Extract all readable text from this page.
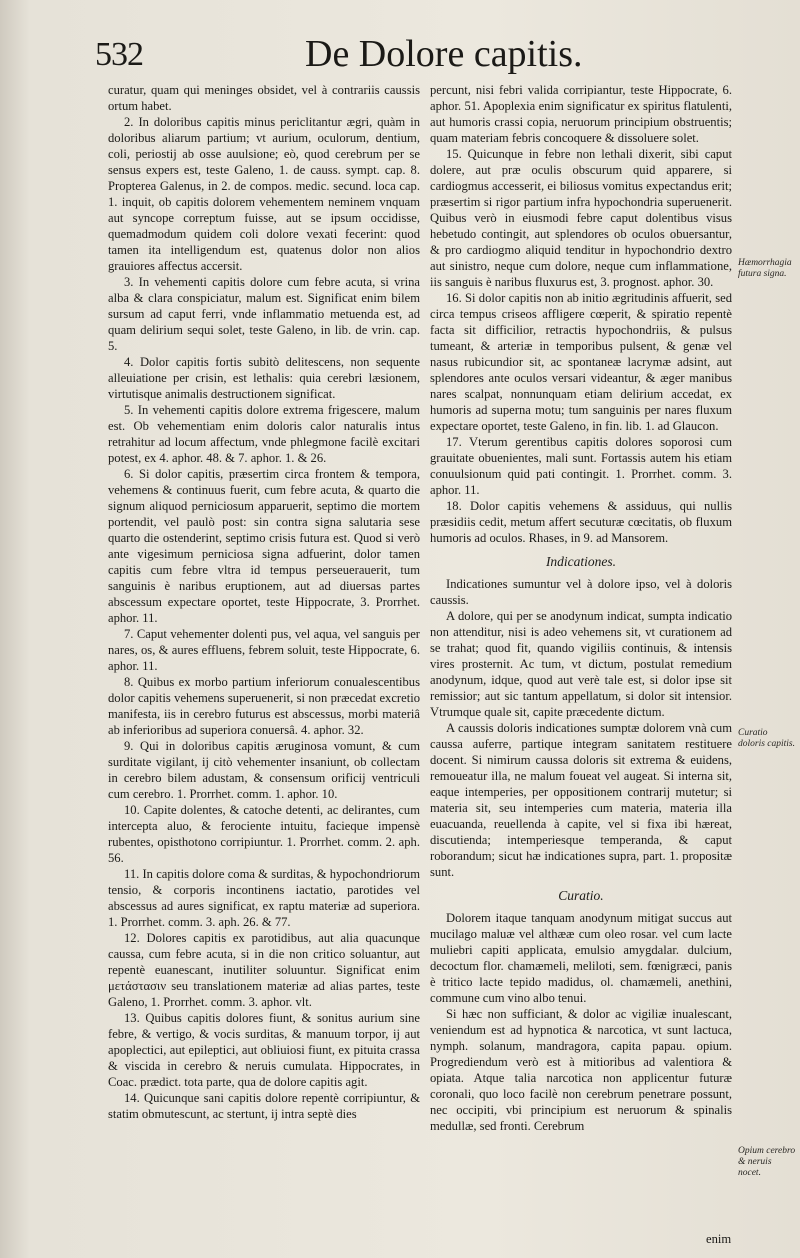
532	De Dolore capitis.

curatur, quam qui meninges obsidet, vel à contrariis caussis ortum habet.

2. In doloribus capitis minus periclitantur ægri, quàm in doloribus aliarum partium; vt aurium, oculorum, dentium, coli, periostij ab osse auulsione; eò, quod cerebrum per se sensus expers est, teste Galeno, 1. de causs. sympt. cap. 8. Propterea Galenus, in 2. de compos. medic. secund. loca cap. 1. inquit, ob capitis dolorem vehementem neminem vnquam aut syncope correptum fuisse, aut se ipsum occidisse, quemadmodum quidem coli dolore vexati fecerint: quod tamen ita intelligendum est, quatenus dolor non alios grauiores affectus accersit.

3. In vehementi capitis dolore cum febre acuta, si vrina alba & clara conspiciatur, malum est. Significat enim bilem sursum ad caput ferri, vnde inflammatio metuenda est, ad quam delirium sequi solet, teste Galeno, in lib. de vrin. cap. 5.

4. Dolor capitis fortis subitò delitescens, non sequente alleuiatione per crisin, est lethalis: quia cerebri læsionem, virtutisque animalis destructionem significat.

5. In vehementi capitis dolore extrema frigescere, malum est. Ob vehementiam enim doloris calor naturalis intus retrahitur ad locum affectum, vnde phlegmone facilè excitari potest, ex 4. aphor. 48. & 7. aphor. 1. & 26.

6. Si dolor capitis, præsertim circa frontem & tempora, vehemens & continuus fuerit, cum febre acuta, & quarto die signum aliquod perniciosum apparuerit, septimo die mortem portendit, vel paulò post: sin contra signa salutaria sese quarto die ostenderint, septimo crisis futura est. Quod si verò ante vigesimum perniciosa signa adfuerint, dolor tamen capitis cum febre vltra id tempus perseuerauerit, tum sanguinis è naribus eruptionem, aut ad diuersas partes abscessum expectare oportet, teste Hippocrate, 3. Prorrhet. aphor. 11.

7. Caput vehementer dolenti pus, vel aqua, vel sanguis per nares, os, & aures effluens, febrem soluit, teste Hippocrate, 6. aphor. 11.

8. Quibus ex morbo partium inferiorum conualescentibus dolor capitis vehemens superuenerit, si non præcedat excretio manifesta, iis in cerebro futurus est abscessus, morbi materiâ ab inferioribus ad superiora conuersâ. 4. aphor. 32.

9. Qui in doloribus capitis æruginosa vomunt, & cum surditate vigilant, ij citò vehementer insaniunt, ob collectam in cerebro bilem adustam, & consensum orificij ventriculi cum cerebro. 1. Prorrhet. comm. 1. aphor. 10.

10. Capite dolentes, & catoche detenti, ac delirantes, cum intercepta aluo, & ferociente intuitu, facieque impensè rubentes, opisthotono corripiuntur. 1. Prorrhet. comm. 2. aph. 56.

11. In capitis dolore coma & surditas, & hypochondriorum tensio, & corporis incontinens iactatio, parotides vel abscessus ad aures significat, ex raptu materiæ ad superiora. 1. Prorrhet. comm. 3. aph. 26. & 77.

12. Dolores capitis ex parotidibus, aut alia quacunque caussa, cum febre acuta, si in die non critico soluantur, aut repentè euanescant, inutiliter soluuntur. Significat enim μετάστασιν seu translationem materiæ ad alias partes, teste Galeno, 1. Prorrhet. comm. 3. aphor. vlt.

13. Quibus capitis dolores fiunt, & sonitus aurium sine febre, & vertigo, & vocis surditas, & manuum torpor, ij aut apoplectici, aut epileptici, aut obliuiosi fiunt, ex pituita crassa & viscida in cerebro & neruis cumulata. Hippocrates, in Coac. prædict. tota parte, qua de dolore capitis agit.

14. Quicunque sani capitis dolore repentè corripiuntur, & statim obmutescunt, ac stertunt, ij intra septè dies

percunt, nisi febri valida corripiantur, teste Hippocrate, 6. aphor. 51. Apoplexia enim significatur ex spiritus flatulenti, aut humoris crassi copia, neruorum principium obstruentis; quam materiam febris concoquere & dissoluere solet.

15. Quicunque in febre non lethali dixerit, sibi caput dolere, aut præ oculis obscurum quid apparere, si cardiogmus accesserit, ei biliosus vomitus expectandus erit; præsertim si rigor partium infra hypochondria superuenerit. Quibus verò in eiusmodi febre caput dolentibus visus hebetudo contingit, aut splendores ob oculos obuersantur, & pro cardiogmo aliquid tenditur in hypochondrio dextro aut sinistro, neque cum dolore, neque cum inflammatione, iis sanguis è naribus fluxurus est, 3. prognost. aphor. 30.

16. Si dolor capitis non ab initio ægritudinis affuerit, sed circa tempus criseos affligere cœperit, & spiratio repentè facta sit difficilior, retractis hypochondriis, & pulsus tumeant, & arteriæ in temporibus pulsent, & genæ vel nasus rubicundior sit, ac spontaneæ lacrymæ adsint, aut splendores ante oculos versari videantur, & æger manibus nares scalpat, nonnunquam etiam delirium accedat, ex humoris ad superna motu; tum sanguinis per nares fluxum expectare oportet, teste Galeno, in fin. lib. 1. ad Glaucon.

17. Vterum gerentibus capitis dolores soporosi cum grauitate obuenientes, mali sunt. Fortassis autem his etiam conuulsionum quid pati contingit. 1. Prorrhet. comm. 3. aphor. 11.

18. Dolor capitis vehemens & assiduus, qui nullis præsidiis cedit, metum affert secuturæ cœcitatis, ob fluxum humoris ad oculos. Rhases, in 9. ad Mansorem.

Indicationes.

Indicationes sumuntur vel à dolore ipso, vel à doloris caussis.

A dolore, qui per se anodynum indicat, sumpta indicatio non attenditur, nisi is adeo vehemens sit, vt curationem ad se trahat; quod fit, quando vigiliis continuis, & intensis vires prosternit. Ac tum, vt dictum, postulat remedium anodynum, idque, quod aut verè tale est, si dolor ipse sit remissior; aut sic tantum appellatum, si dolor sit intensior. Vtrumque quale sit, capite præcedente dictum.

A caussis doloris indicationes sumptæ dolorem vnà cum caussa auferre, partique integram sanitatem restituere docent. Si nimirum caussa doloris sit extrema & euidens, remoueatur illa, ne malum foueat vel augeat. Si interna sit, eaque intemperies, per oppositionem contrarij mutetur; si materia sit, seu intemperies cum materia, materia illa euacuanda, reuellenda à capite, vel si fixa ibi hæreat, discutienda; intemperiesque temperanda, & caput roborandum; sicut hæ indicationes supra, part. 1. propositæ sunt.

Curatio.

Dolorem itaque tanquam anodynum mitigat succus aut mucilago maluæ vel althææ cum oleo rosar. vel cum lacte muliebri capiti applicata, emulsio amygdalar. dulcium, decoctum flor. chamæmeli, meliloti, sem. fœnigræci, panis è tritico lacte tepido madidus, ol. chamæmeli, anethini, commune cum vino albo tenui.

Si hæc non sufficiant, & dolor ac vigiliæ inualescant, veniendum est ad hypnotica & narcotica, vt sunt lactuca, nymph. solanum, mandragora, capita papau. opium. Progrediendum verò est à mitioribus ad valentiora & opiata. Atque talia narcotica non applicentur futuræ coronali, quo loco facilè non cerebrum penetrare possunt, nec occipiti, vbi principium est neruorum & spinalis medullæ, sed fronti. Cerebrum

Hæmorrhagia futura signa.
Curatio doloris capitis.
Opium cerebro & neruis nocet.
enim
